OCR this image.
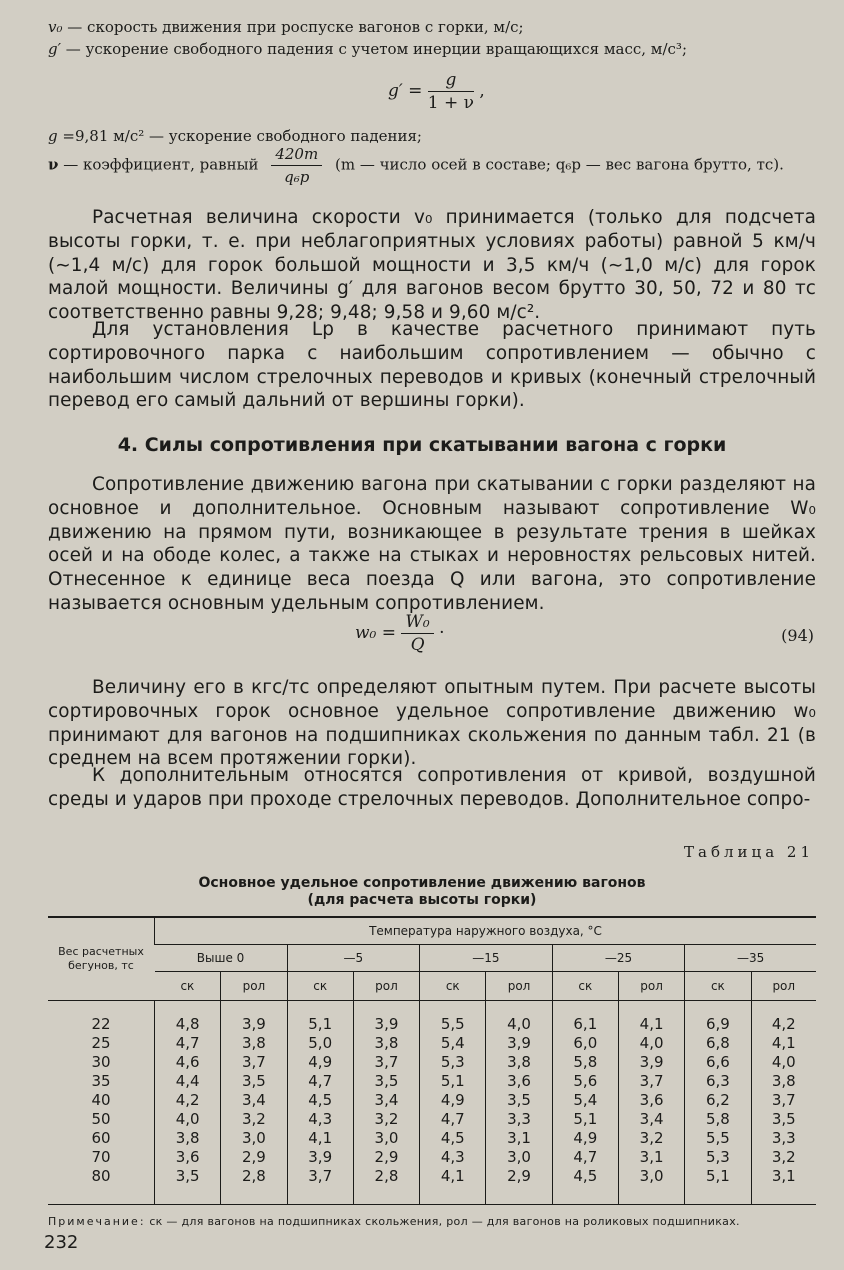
v₀ — скорость движения при роспуске вагонов с горки, м/с;
g′ — ускорение свободного падения с учетом инерции вращающихся масс, м/с³;
$g' = \frac{g}{1 + \nu}$ ,
g =9,81 м/с² — ускорение свободного падения;
ν — коэффициент, равный $\frac{420m}{\text{q₆р}} (m$ — число осей в составе; q₆р — вес вагона брутто, тс).
Расчетная величина скорости v₀ принимается (только для подсчета высоты горки, т. е. при неблагоприятных условиях работы) равной 5 км/ч (∼1,4 м/с) для горок большой мощности и 3,5 км/ч (∼1,0 м/с) для горок малой мощности. Величины g′ для вагонов весом брутто 30, 50, 72 и 80 тс соответственно равны 9,28; 9,48; 9,58 и 9,60 м/с².
Для установления Lр в качестве расчетного принимают путь сортировочного парка с наибольшим сопротивлением — обычно с наибольшим числом стрелочных переводов и кривых (конечный стрелочный перевод его самый дальний от вершины горки).
4. Силы сопротивления при скатывании вагона с горки
Сопротивление движению вагона при скатывании с горки разделяют на основное и дополнительное. Основным называют сопротивление W₀ движению на прямом пути, возникающее в результате трения в шейках осей и на ободе колес, а также на стыках и неровностях рельсовых нитей. Отнесенное к единице веса поезда Q или вагона, это сопротивление называется основным удельным сопротивлением.
$w_0 = \frac{\text{W₀}}{Q}$ ·	(94)
Величину его в кгс/тс определяют опытным путем. При расчете высоты сортировочных горок основное удельное сопротивление движению w₀ принимают для вагонов на подшипниках скольжения по данным табл. 21 (в среднем на всем протяжении горки).
К дополнительным относятся сопротивления от кривой, воздушной среды и ударов при проходе стрелочных переводов. Дополнительное сопро-
Таблица 21
Основное удельное сопротивление движению вагонов
(для расчета высоты горки)
Вес расчетных бегунов, тс	Температура наружного воздуха, °С									
	Выше 0		—5		—15		—25		—35	
	ск	рол	ск	рол	ск	рол	ск	рол	ск	рол

22	4,8	3,9	5,1	3,9	5,5	4,0	6,1	4,1	6,9	4,2
25	4,7	3,8	5,0	3,8	5,4	3,9	6,0	4,0	6,8	4,1
30	4,6	3,7	4,9	3,7	5,3	3,8	5,8	3,9	6,6	4,0
35	4,4	3,5	4,7	3,5	5,1	3,6	5,6	3,7	6,3	3,8
40	4,2	3,4	4,5	3,4	4,9	3,5	5,4	3,6	6,2	3,7
50	4,0	3,2	4,3	3,2	4,7	3,3	5,1	3,4	5,8	3,5
60	3,8	3,0	4,1	3,0	4,5	3,1	4,9	3,2	5,5	3,3
70	3,6	2,9	3,9	2,9	4,3	3,0	4,7	3,1	5,3	3,2
80	3,5	2,8	3,7	2,8	4,1	2,9	4,5	3,0	5,1	3,1
Примечание: ск — для вагонов на подшипниках скольжения, рол — для вагонов на роликовых подшипниках.
232
